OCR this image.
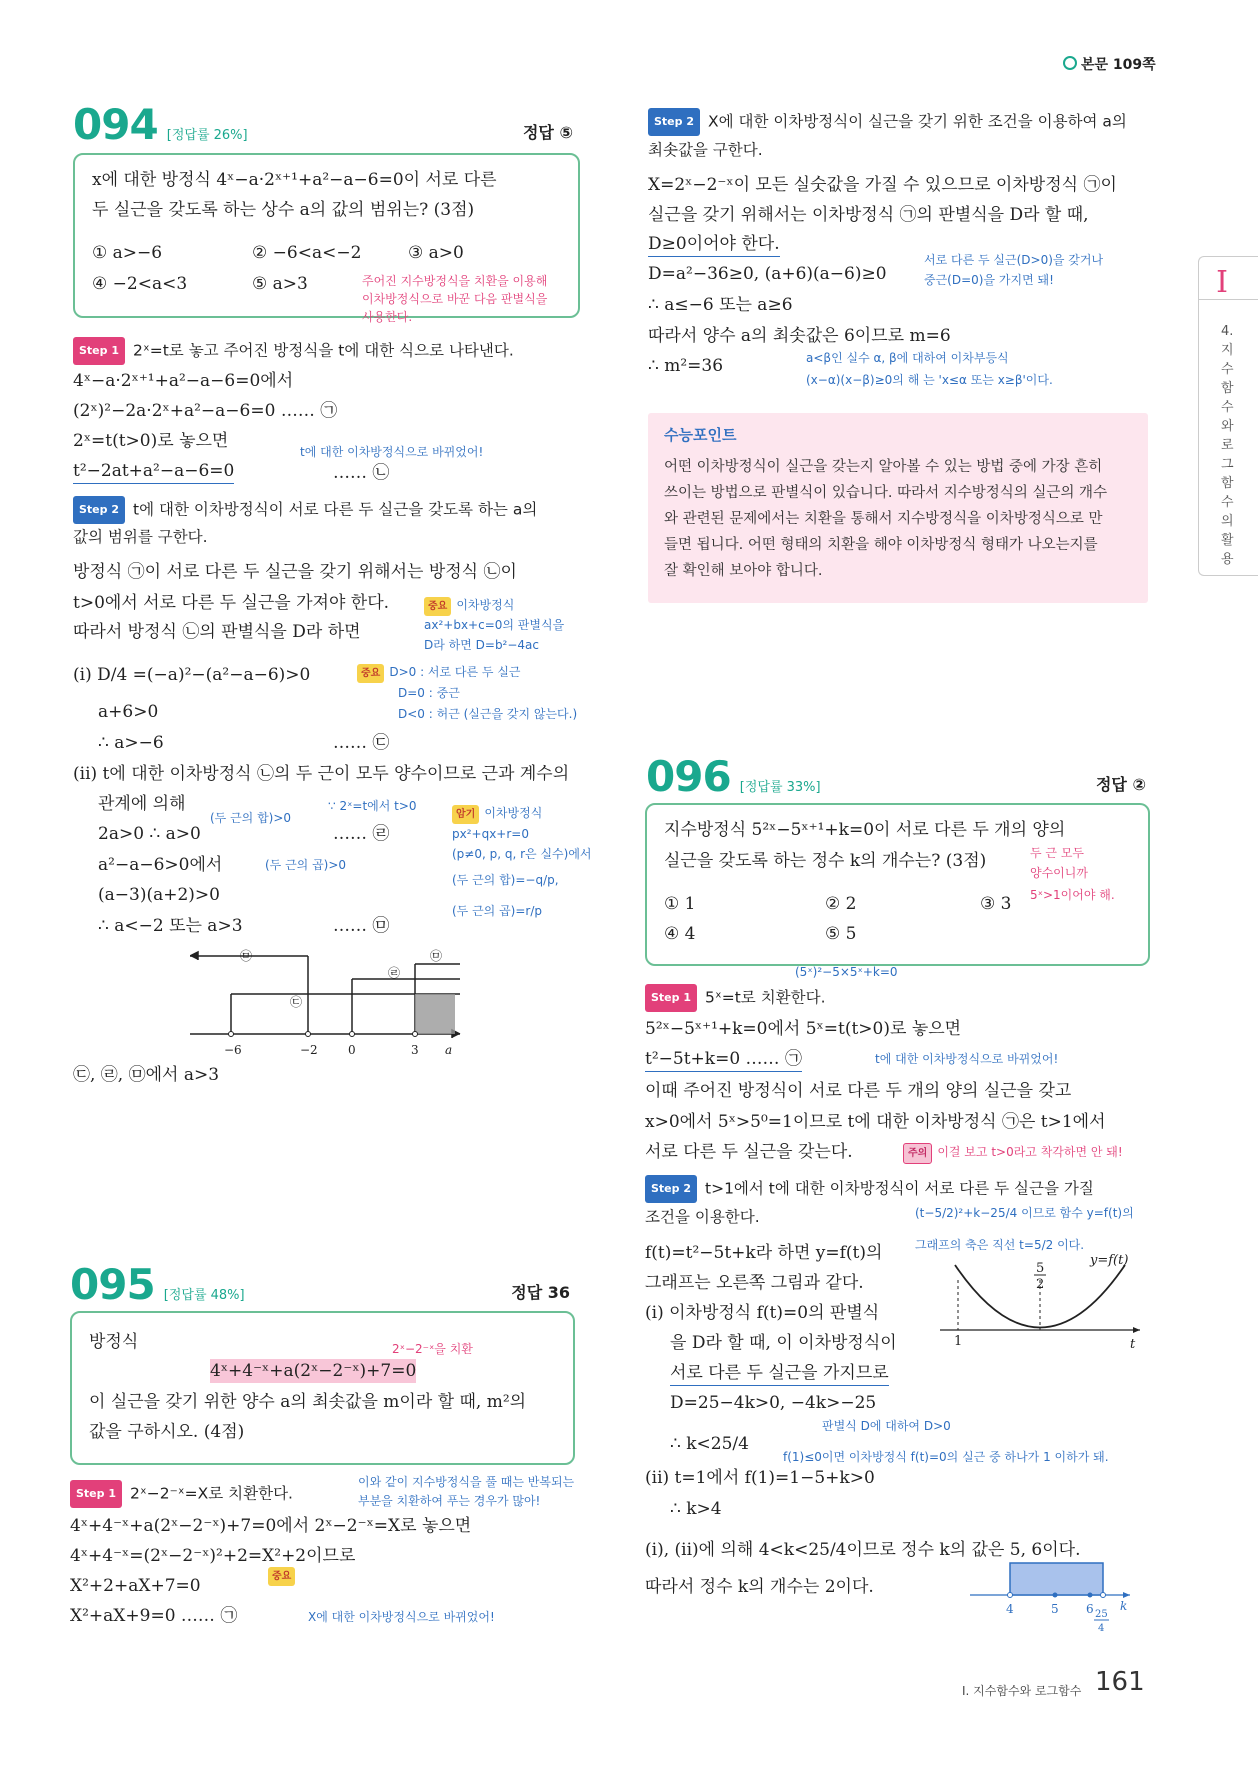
본문 109쪽
I
4. 지수함수와 로그함수의 활용
094 [정답률 26%]	정답 ⑤
x에 대한 방정식 4ˣ−a·2ˣ⁺¹+a²−a−6=0이 서로 다른
두 실근을 갖도록 하는 상수 a의 값의 범위는? (3점)
① a>−6	② −6<a<−2	③ a>0
④ −2<a<3	⑤ a>3	주어진 지수방정식을 치환을 이용해
이차방정식으로 바꾼 다음 판별식을
사용한다.
Step 1 2ˣ=t로 놓고 주어진 방정식을 t에 대한 식으로 나타낸다.
4ˣ−a·2ˣ⁺¹+a²−a−6=0에서
(2ˣ)²−2a·2ˣ+a²−a−6=0 …… ㉠
2ˣ=t(t>0)로 놓으면
t²−2at+a²−a−6=0	…… ㉡
t에 대한 이차방정식으로 바뀌었어!
Step 2 t에 대한 이차방정식이 서로 다른 두 실근을 갖도록 하는 a의
값의 범위를 구한다.
방정식 ㉠이 서로 다른 두 실근을 갖기 위해서는 방정식 ㉡이
t>0에서 서로 다른 두 실근을 가져야 한다.
따라서 방정식 ㉡의 판별식을 D라 하면
중요 이차방정식
ax²+bx+c=0의 판별식을
D라 하면 D=b²−4ac
(i) D/4 =(−a)²−(a²−a−6)>0	중요 D>0 : 서로 다른 두 실근
D=0 : 중근
D<0 : 허근 (실근을 갖지 않는다.)
a+6>0
∴ a>−6	…… ㉢
(ii) t에 대한 이차방정식 ㉡의 두 근이 모두 양수이므로 근과 계수의
관계에 의해	∵ 2ˣ=t에서 t>0
(두 근의 합)>0
2a>0 ∴ a>0	…… ㉣
a²−a−6>0에서	(두 근의 곱)>0
(a−3)(a+2)>0
∴ a<−2 또는 a>3	…… ㉤
암기 이차방정식
px²+qx+r=0
(p≠0, p, q, r은 실수)에서
(두 근의 합)=−q/p,
(두 근의 곱)=r/p
−6	−2	0	3 a
㉢
㉣
㉤	㉤
㉢, ㉣, ㉤에서 a>3
095 [정답률 48%]	정답 36
방정식	2ˣ−2⁻ˣ을 치환
4ˣ+4⁻ˣ+a(2ˣ−2⁻ˣ)+7=0
이 실근을 갖기 위한 양수 a의 최솟값을 m이라 할 때, m²의
값을 구하시오. (4점)
Step 1 2ˣ−2⁻ˣ=X로 치환한다.
이와 같이 지수방정식을 풀 때는 반복되는
부분을 치환하여 푸는 경우가 많아!
4ˣ+4⁻ˣ+a(2ˣ−2⁻ˣ)+7=0에서 2ˣ−2⁻ˣ=X로 놓으면
4ˣ+4⁻ˣ=(2ˣ−2⁻ˣ)²+2=X²+2이므로
X²+2+aX+7=0
X²+aX+9=0 …… ㉠
중요
X에 대한 이차방정식으로 바뀌었어!
Step 2 X에 대한 이차방정식이 실근을 갖기 위한 조건을 이용하여 a의
최솟값을 구한다.
X=2ˣ−2⁻ˣ이 모든 실숫값을 가질 수 있으므로 이차방정식 ㉠이
실근을 갖기 위해서는 이차방정식 ㉠의 판별식을 D라 할 때,
D≥0이어야 한다.
D=a²−36≥0, (a+6)(a−6)≥0
서로 다른 두 실근(D>0)을 갖거나
중근(D=0)을 가지면 돼!
∴ a≤−6 또는 a≥6
따라서 양수 a의 최솟값은 6이므로 m=6
∴ m²=36	a<β인 실수 α, β에 대하여 이차부등식
(x−α)(x−β)≥0의 해 는 'x≤α 또는 x≥β'이다.
수능포인트
어떤 이차방정식이 실근을 갖는지 알아볼 수 있는 방법 중에 가장 흔히
쓰이는 방법으로 판별식이 있습니다. 따라서 지수방정식의 실근의 개수
와 관련된 문제에서는 치환을 통해서 지수방정식을 이차방정식으로 만
들면 됩니다. 어떤 형태의 치환을 해야 이차방정식 형태가 나오는지를
잘 확인해 보아야 합니다.
096 [정답률 33%]	정답 ②
지수방정식 5²ˣ−5ˣ⁺¹+k=0이 서로 다른 두 개의 양의
실근을 갖도록 하는 정수 k의 개수는? (3점)	두 근 모두
양수이니까
5ˣ>1이어야 해.
① 1	② 2	③ 3
④ 4	⑤ 5
(5ˣ)²−5×5ˣ+k=0
Step 1 5ˣ=t로 치환한다.
5²ˣ−5ˣ⁺¹+k=0에서 5ˣ=t(t>0)로 놓으면
t²−5t+k=0 …… ㉠	t에 대한 이차방정식으로 바뀌었어!
이때 주어진 방정식이 서로 다른 두 개의 양의 실근을 갖고
x>0에서 5ˣ>5⁰=1이므로 t에 대한 이차방정식 ㉠은 t>1에서
서로 다른 두 실근을 갖는다.	주의 이걸 보고 t>0라고 착각하면 안 돼!
Step 2 t>1에서 t에 대한 이차방정식이 서로 다른 두 실근을 가질
조건을 이용한다.	(t−5/2)²+k−25/4 이므로 함수 y=f(t)의
그래프의 축은 직선 t=5/2 이다.
f(t)=t²−5t+k라 하면 y=f(t)의
그래프는 오른쪽 그림과 같다.
(i) 이차방정식 f(t)=0의 판별식
을 D라 할 때, 이 이차방정식이
서로 다른 두 실근을 가지므로
D=25−4k>0, −4k>−25
판별식 D에 대하여 D>0
∴ k<25/4
f(1)≤0이면 이차방정식 f(t)=0의 실근 중 하나가 1 이하가 돼.
(ii) t=1에서 f(1)=1−5+k>0
∴ k>4
(i), (ii)에 의해 4<k<25/4이므로 정수 k의 값은 5, 6이다.
따라서 정수 k의 개수는 2이다.
y=f(t)
5
2
1	t
4	5 6 k
25
4
I. 지수함수와 로그함수 161
